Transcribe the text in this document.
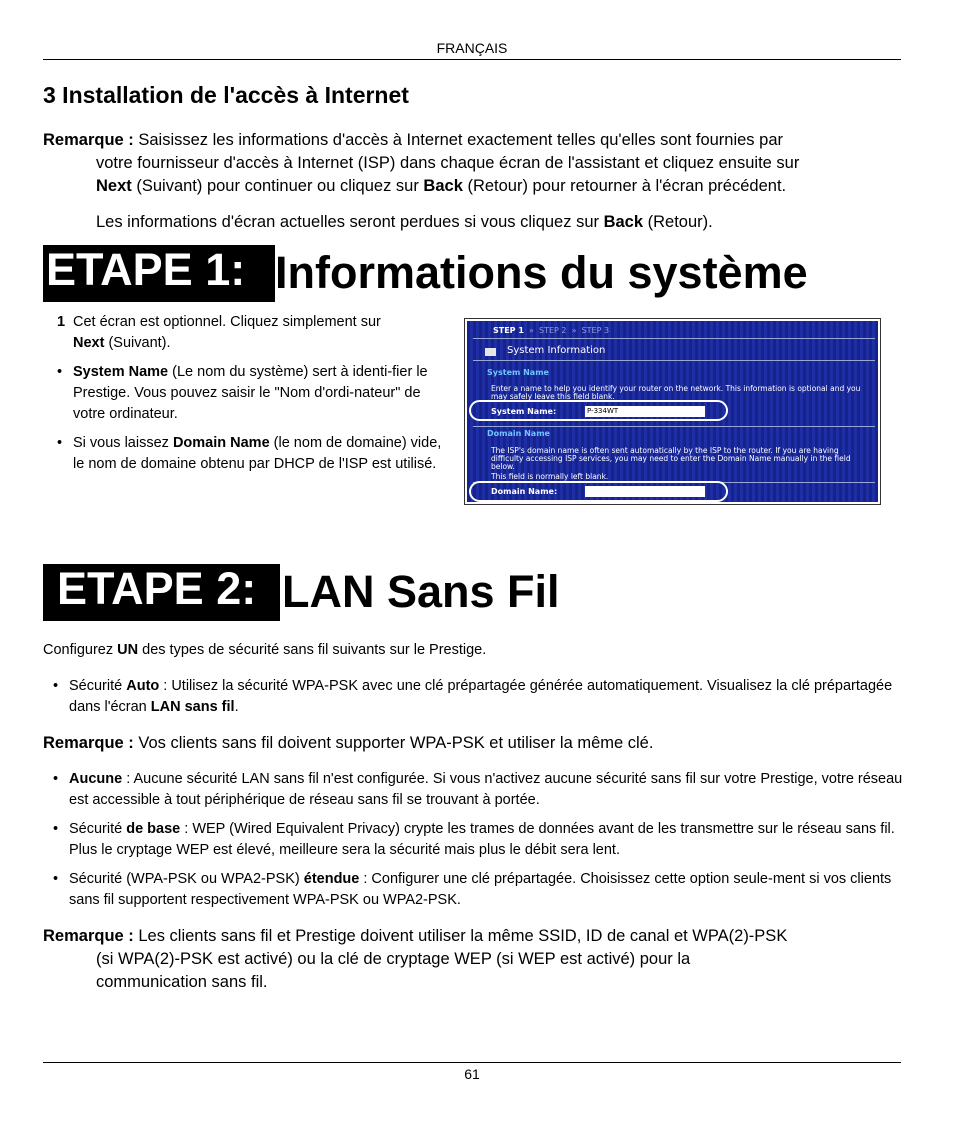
FRANÇAIS
3 Installation de l'accès à Internet
Remarque : Saisissez les informations d'accès à Internet exactement telles qu'elles sont fournies par
votre fournisseur d'accès à Internet (ISP) dans chaque écran de l'assistant et cliquez ensuite sur
Next (Suivant) pour continuer ou cliquez sur Back (Retour) pour retourner à l'écran précédent.
Les informations d'écran actuelles seront perdues si vous cliquez sur Back (Retour).
ETAPE 1: Informations du système
1 Cet écran est optionnel. Cliquez simplement sur
Next (Suivant).
• System Name (Le nom du système) sert à identi-fier le Prestige. Vous pouvez saisir le "Nom d'ordi-nateur" de votre ordinateur.
• Si vous laissez Domain Name (le nom de domaine) vide, le nom de domaine obtenu par DHCP de l'ISP est utilisé.
STEP 1 » STEP 2 » STEP 3
System Information
System Name
Enter a name to help you identify your router on the network. This information is optional and you may safely leave this field blank.
System Name:	P-334WT
Domain Name
The ISP's domain name is often sent automatically by the ISP to the router. If you are having difficulty accessing ISP services, you may need to enter the Domain Name manually in the field below.
This field is normally left blank.
Domain Name:
ETAPE 2: LAN Sans Fil
Configurez UN des types de sécurité sans fil suivants sur le Prestige.
• Sécurité Auto : Utilisez la sécurité WPA-PSK avec une clé prépartagée générée automatiquement. Visualisez la clé prépartagée dans l'écran LAN sans fil.
Remarque : Vos clients sans fil doivent supporter WPA-PSK et utiliser la même clé.
• Aucune : Aucune sécurité LAN sans fil n'est configurée. Si vous n'activez aucune sécurité sans fil sur votre Prestige, votre réseau est accessible à tout périphérique de réseau sans fil se trouvant à portée.
• Sécurité de base : WEP (Wired Equivalent Privacy) crypte les trames de données avant de les transmettre sur le réseau sans fil. Plus le cryptage WEP est élevé, meilleure sera la sécurité mais plus le débit sera lent.
• Sécurité (WPA-PSK ou WPA2-PSK) étendue : Configurer une clé prépartagée. Choisissez cette option seule-ment si vos clients sans fil supportent respectivement WPA-PSK ou WPA2-PSK.
Remarque : Les clients sans fil et Prestige doivent utiliser la même SSID, ID de canal et WPA(2)-PSK
(si WPA(2)-PSK est activé) ou la clé de cryptage WEP (si WEP est activé) pour la
communication sans fil.
61
